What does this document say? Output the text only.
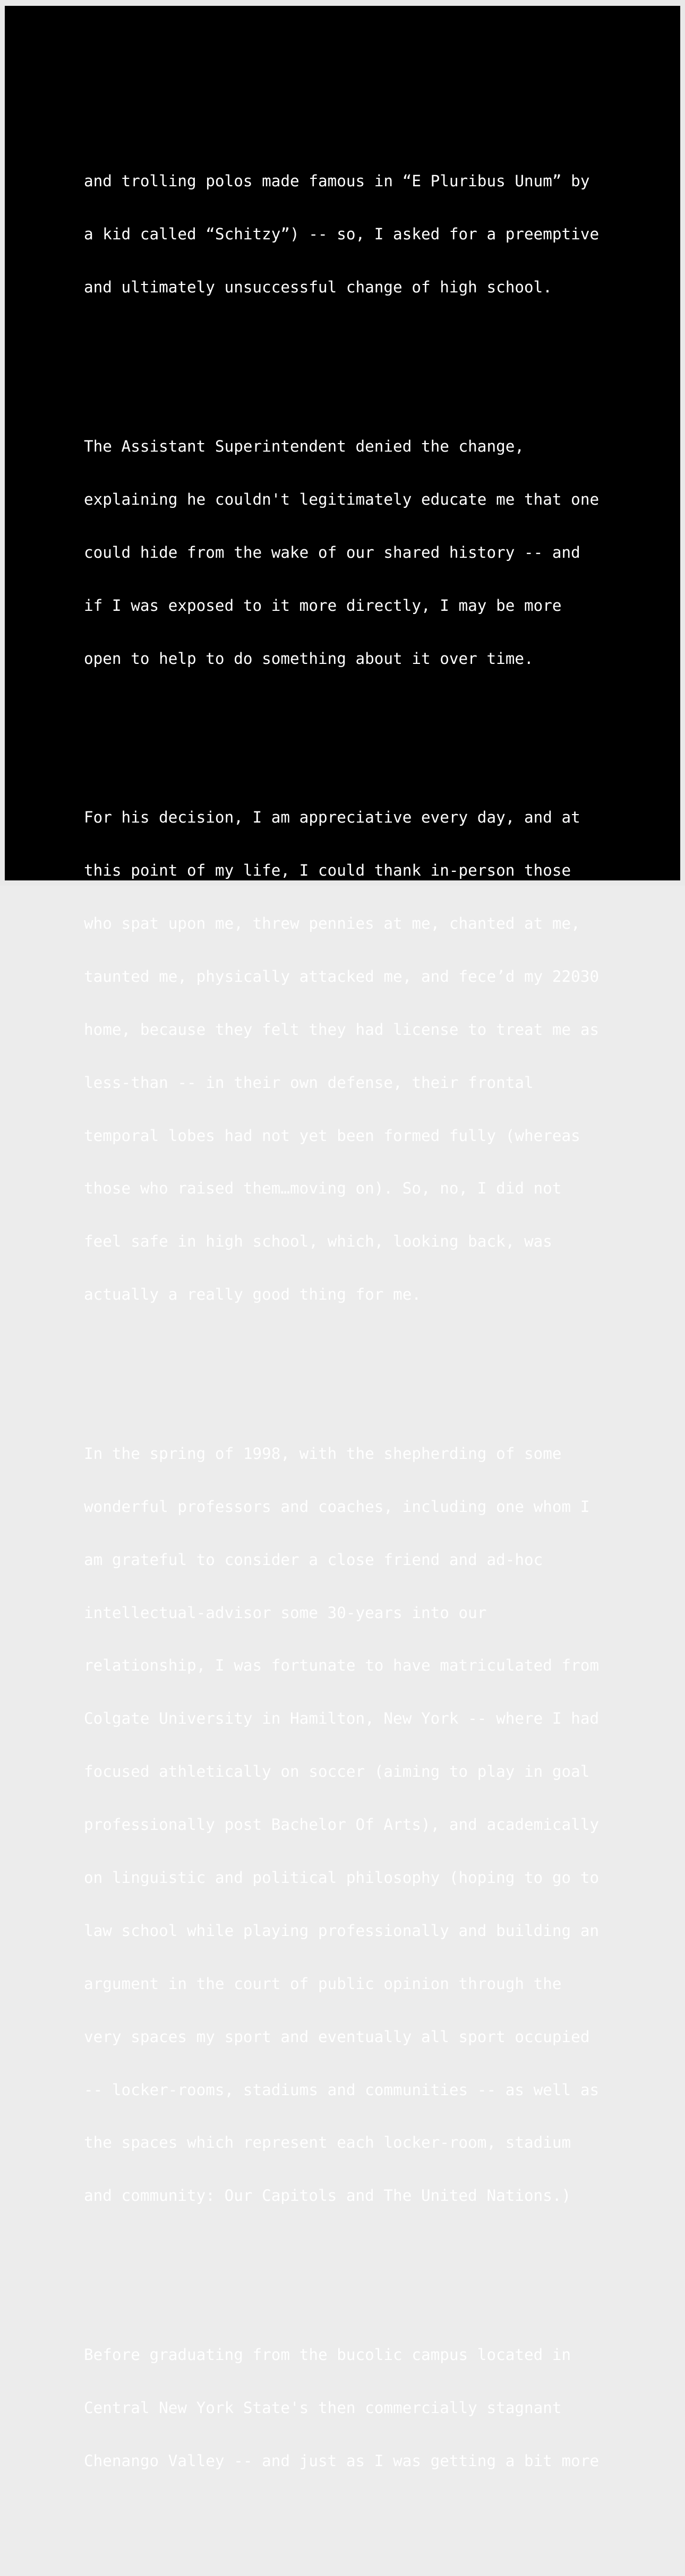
and trolling polos made famous in “E Pluribus Unum” by

a kid called “Schitzy”) -- so, I asked for a preemptive

and ultimately unsuccessful change of high school.

The Assistant Superintendent denied the change,

explaining he couldn't legitimately educate me that one

could hide from the wake of our shared history -- and

if I was exposed to it more directly, I may be more

open to help to do something about it over time.

For his decision, I am appreciative every day, and at

this point of my life, I could thank in-person those

who spat upon me, threw pennies at me, chanted at me,

taunted me, physically attacked me, and fece’d my 22030

home, because they felt they had license to treat me as

less-than -- in their own defense, their frontal

temporal lobes had not yet been formed fully (whereas

those who raised them…moving on). So, no, I did not

feel safe in high school, which, looking back, was

actually a really good thing for me.

In the spring of 1998, with the shepherding of some

wonderful professors and coaches, including one whom I

am grateful to consider a close friend and ad-hoc

intellectual-advisor some 30-years into our

relationship, I was fortunate to have matriculated from

Colgate University in Hamilton, New York -- where I had

focused athletically on soccer (aiming to play in goal

professionally post Bachelor Of Arts), and academically

on linguistic and political philosophy (hoping to go to

law school while playing professionally and building an

argument in the court of public opinion through the

very spaces my sport and eventually all sport occupied

-- locker-rooms, stadiums and communities -- as well as

the spaces which represent each locker-room, stadium

and community: Our Capitols and The United Nations.)

Before graduating from the bucolic campus located in

Central New York State's then commercially stagnant

Chenango Valley -- and just as I was getting a bit more
